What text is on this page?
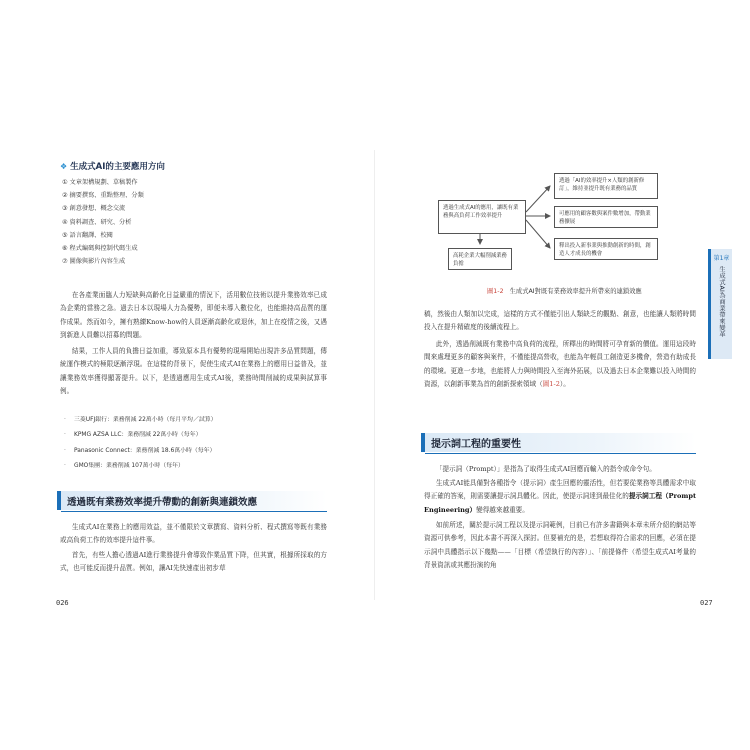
❖ 生成式AI的主要應用方向
① 文章架構規劃、草稿製作
② 摘要撰寫、重點整理、分類
③ 創意發想、概念交流
④ 資料調查、研究、分析
⑤ 語言翻譯、校閱
⑥ 程式編碼與控制代碼生成
⑦ 圖像與影片內容生成

在各產業面臨人力短缺與高齡化日益嚴重的情況下，活用數位技術以提升業務效率已成為企業的當務之急。過去日本以現場人力為優勢，即便未導入數位化，也能維持高品質的運作成果。然而如今，擁有熟練Know-how的人員逐漸高齡化或退休，加上在疫情之後，又遇到新進人員難以招募的問題。

結果，工作人員的負擔日益加重，導致原本具有優勢的現場開始出現許多品質問題，傳統運作模式的極限逐漸浮現。在這樣的背景下，促使生成式AI在業務上的應用日益普及，並讓業務效率獲得顯著提升。以下，是透過應用生成式AI後，業務時間削減的成果與試算事例。

· 三菱UFJ銀行：業務削減 22萬小時（每月平均／試算）
· KPMG AZSA LLC：業務削減 22萬小時（每年）
· Panasonic Connect：業務削減 18.6萬小時（每年）
· GMO集團：業務削減 107萬小時（每年）
透過既有業務效率提升帶動的創新與連鎖效應

生成式AI在業務上的應用效益，並不僅限於文章撰寫、資料分析、程式撰寫等既有業務或高負荷工作的效率提升這件事。

首先，有些人擔心透過AI進行業務提升會導致作業品質下降，但其實，根據所採取的方式，也可能反而提升品質。例如，讓AI先快速產出初步草

026
透過生成式AI的應用，讓既有業務與高負荷工作效率提升
高耗企業大幅削減業務負擔
透過「AI的效率提升×人類的創新修訂」，維持並提升既有業務的品質
可應用的顧客數與案件數增加，帶動業務擴展
釋出投入新事業與推動創新的時間，創造人才成長的機會
圖1-2 生成式AI對既有業務效率提升所帶來的連鎖效應

稿，然後由人類加以完成，這樣的方式不僅能引出人類缺乏的觀點、創意，也能讓人類將時間投入在提升精確度的後續流程上。

此外，透過削減既有業務中高負荷的流程，所釋出的時間將可孕育新的價值。運用這段時間來處理更多的顧客與案件，不僅能提高營收，也能為年輕員工創造更多機會，營造有助成長的環境。更進一步地，也能將人力與時間投入至海外拓展，以及過去日本企業難以投入時間的資源，以創新事業為首的創新探索領域（圖1-2）。

提示詞工程的重要性

「提示詞（Prompt）」是指為了取得生成式AI回應而輸入的指令或命令句。

生成式AI能具備對各種指令（提示詞）產生回應的靈活性，但若要從業務等具體需求中取得正確的答案，則需要讓提示詞具體化。因此，使提示詞達到最佳化的提示詞工程（Prompt Engineering）變得越來越重要。

如前所述，關於提示詞工程以及提示詞範例，目前已有許多書籍與本章未所介紹的網站等資源可供參考，因此本書不再深入探討。但要補充的是，若想取得符合需求的回應，必須在提示詞中具體指示以下幾點——「目標（希望執行的內容）」、「前提條件（希望生成式AI考量的背景資訊或其應扮演的角

第1章
生成式AI為商業帶來變革
027
